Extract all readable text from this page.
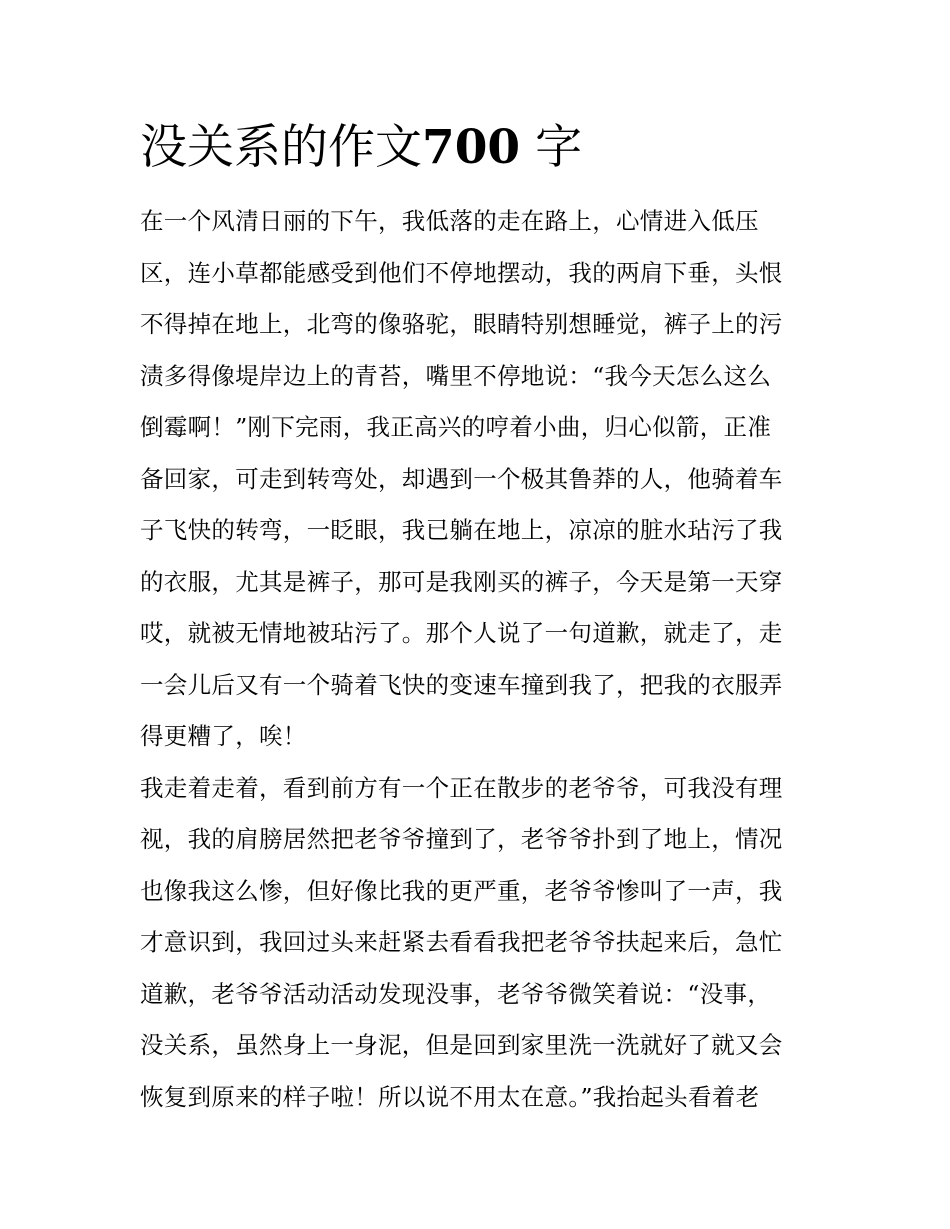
没关系的作文700 字

在一个风清日丽的下午，我低落的走在路上，心情进入低压

区，连小草都能感受到他们不停地摆动，我的两肩下垂，头恨

不得掉在地上，北弯的像骆驼，眼睛特别想睡觉，裤子上的污

渍多得像堤岸边上的青苔，嘴里不停地说：“我今天怎么这么

倒霉啊！”刚下完雨，我正高兴的哼着小曲，归心似箭，正准

备回家，可走到转弯处，却遇到一个极其鲁莽的人，他骑着车

子飞快的转弯，一眨眼，我已躺在地上，凉凉的脏水玷污了我

的衣服，尤其是裤子，那可是我刚买的裤子，今天是第一天穿

哎，就被无情地被玷污了。那个人说了一句道歉，就走了，走

一会儿后又有一个骑着飞快的变速车撞到我了，把我的衣服弄

得更糟了，唉！

我走着走着，看到前方有一个正在散步的老爷爷，可我没有理

视，我的肩膀居然把老爷爷撞到了，老爷爷扑到了地上，情况

也像我这么惨，但好像比我的更严重，老爷爷惨叫了一声，我

才意识到，我回过头来赶紧去看看我把老爷爷扶起来后，急忙

道歉，老爷爷活动活动发现没事，老爷爷微笑着说：“没事，

没关系，虽然身上一身泥，但是回到家里洗一洗就好了就又会

恢复到原来的样子啦！所以说不用太在意。”我抬起头看着老
